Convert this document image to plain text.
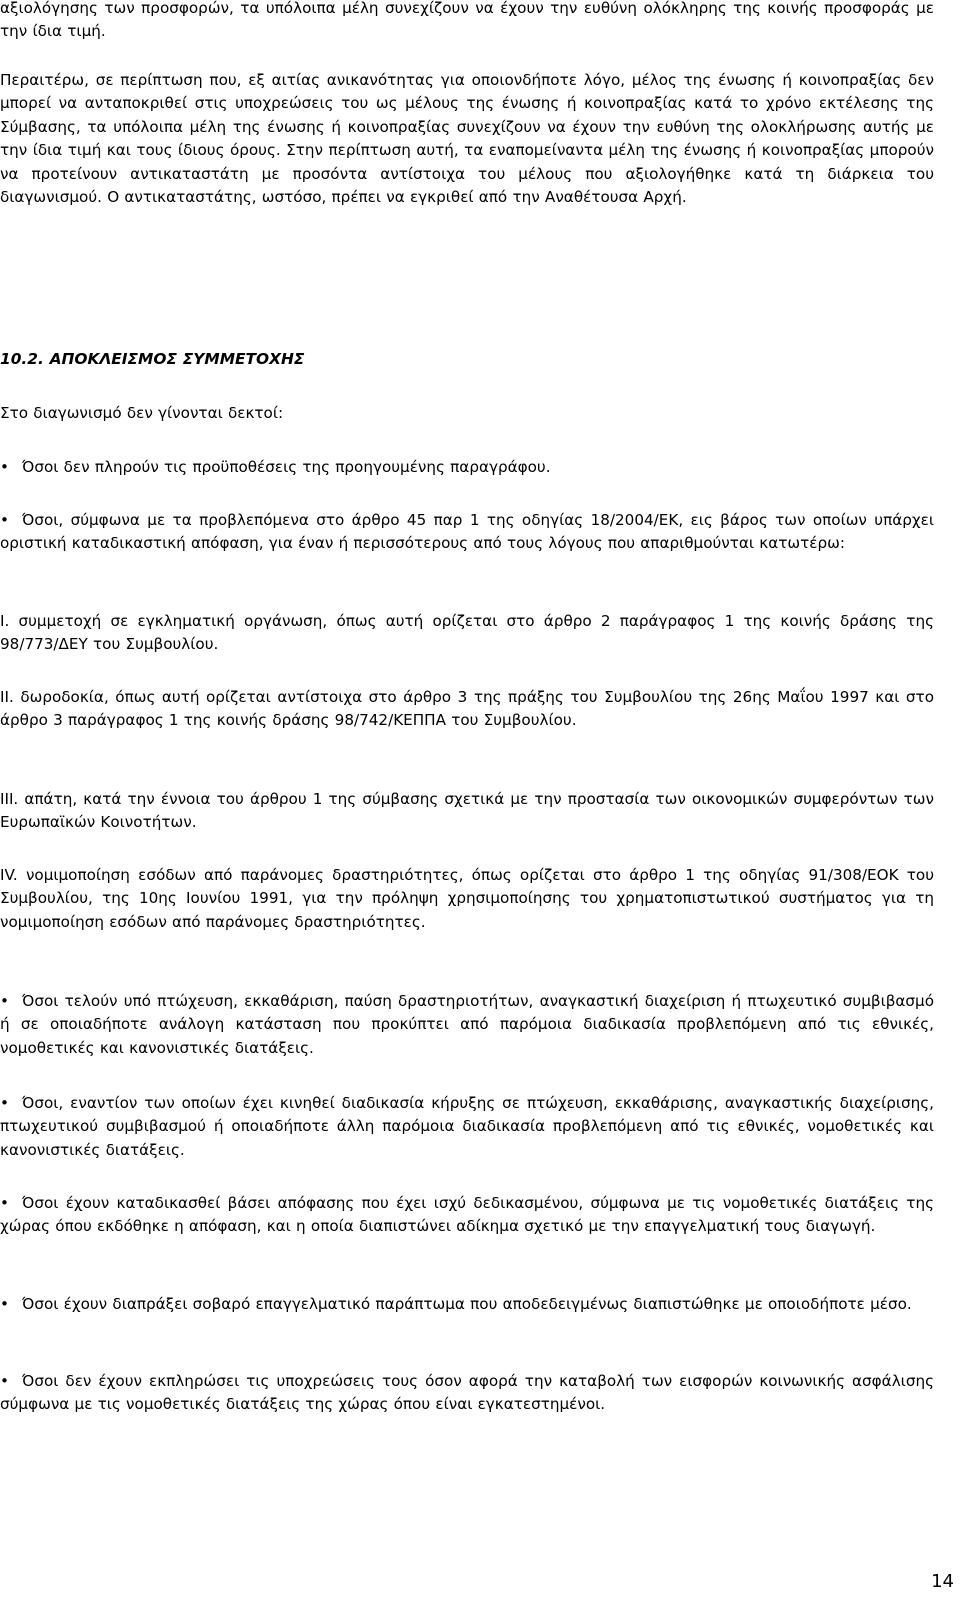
αξιολόγησης των προσφορών, τα υπόλοιπα μέλη συνεχίζουν να έχουν την ευθύνη ολόκληρης της κοινής προσφοράς με την ίδια τιμή.

Περαιτέρω, σε περίπτωση που, εξ αιτίας ανικανότητας για οποιονδήποτε λόγο, μέλος της ένωσης ή κοινοπραξίας δεν μπορεί να ανταποκριθεί στις υποχρεώσεις του ως μέλους της ένωσης ή κοινοπραξίας κατά το χρόνο εκτέλεσης της Σύμβασης, τα υπόλοιπα μέλη της ένωσης ή κοινοπραξίας συνεχίζουν να έχουν την ευθύνη της ολοκλήρωσης αυτής με την ίδια τιμή και τους ίδιους όρους. Στην περίπτωση αυτή, τα εναπομείναντα μέλη της ένωσης ή κοινοπραξίας μπορούν να προτείνουν αντικαταστάτη με προσόντα αντίστοιχα του μέλους που αξιολογήθηκε κατά τη διάρκεια του διαγωνισμού. Ο αντικαταστάτης, ωστόσο, πρέπει να εγκριθεί από την Αναθέτουσα Αρχή.

10.2. ΑΠΟΚΛΕΙΣΜΟΣ ΣΥΜΜΕΤΟΧΗΣ

Στο διαγωνισμό δεν γίνονται δεκτοί:

• Όσοι δεν πληρούν τις προϋποθέσεις της προηγουμένης παραγράφου.

• Όσοι, σύμφωνα με τα προβλεπόμενα στο άρθρο 45 παρ 1 της οδηγίας 18/2004/ΕΚ, εις βάρος των οποίων υπάρχει οριστική καταδικαστική απόφαση, για έναν ή περισσότερους από τους λόγους που απαριθμούνται κατωτέρω:

I. συμμετοχή σε εγκληματική οργάνωση, όπως αυτή ορίζεται στο άρθρο 2 παράγραφος 1 της κοινής δράσης της 98/773/ΔΕΥ του Συμβουλίου.

II. δωροδοκία, όπως αυτή ορίζεται αντίστοιχα στο άρθρο 3 της πράξης του Συμβουλίου της 26ης Μαΐου 1997 και στο άρθρο 3 παράγραφος 1 της κοινής δράσης 98/742/ΚΕΠΠΑ του Συμβουλίου.

III. απάτη, κατά την έννοια του άρθρου 1 της σύμβασης σχετικά με την προστασία των οικονομικών συμφερόντων των Ευρωπαϊκών Κοινοτήτων.

IV. νομιμοποίηση εσόδων από παράνομες δραστηριότητες, όπως ορίζεται στο άρθρο 1 της οδηγίας 91/308/ΕΟΚ του Συμβουλίου, της 10ης Ιουνίου 1991, για την πρόληψη χρησιμοποίησης του χρηματοπιστωτικού συστήματος για τη νομιμοποίηση εσόδων από παράνομες δραστηριότητες.

• Όσοι τελούν υπό πτώχευση, εκκαθάριση, παύση δραστηριοτήτων, αναγκαστική διαχείριση ή πτωχευτικό συμβιβασμό ή σε οποιαδήποτε ανάλογη κατάσταση που προκύπτει από παρόμοια διαδικασία προβλεπόμενη από τις εθνικές, νομοθετικές και κανονιστικές διατάξεις.

• Όσοι, εναντίον των οποίων έχει κινηθεί διαδικασία κήρυξης σε πτώχευση, εκκαθάρισης, αναγκαστικής διαχείρισης, πτωχευτικού συμβιβασμού ή οποιαδήποτε άλλη παρόμοια διαδικασία προβλεπόμενη από τις εθνικές, νομοθετικές και κανονιστικές διατάξεις.

• Όσοι έχουν καταδικασθεί βάσει απόφασης που έχει ισχύ δεδικασμένου, σύμφωνα με τις νομοθετικές διατάξεις της χώρας όπου εκδόθηκε η απόφαση, και η οποία διαπιστώνει αδίκημα σχετικό με την επαγγελματική τους διαγωγή.

• Όσοι έχουν διαπράξει σοβαρό επαγγελματικό παράπτωμα που αποδεδειγμένως διαπιστώθηκε με οποιοδήποτε μέσο.

• Όσοι δεν έχουν εκπληρώσει τις υποχρεώσεις τους όσον αφορά την καταβολή των εισφορών κοινωνικής ασφάλισης σύμφωνα με τις νομοθετικές διατάξεις της χώρας όπου είναι εγκατεστημένοι.

14
